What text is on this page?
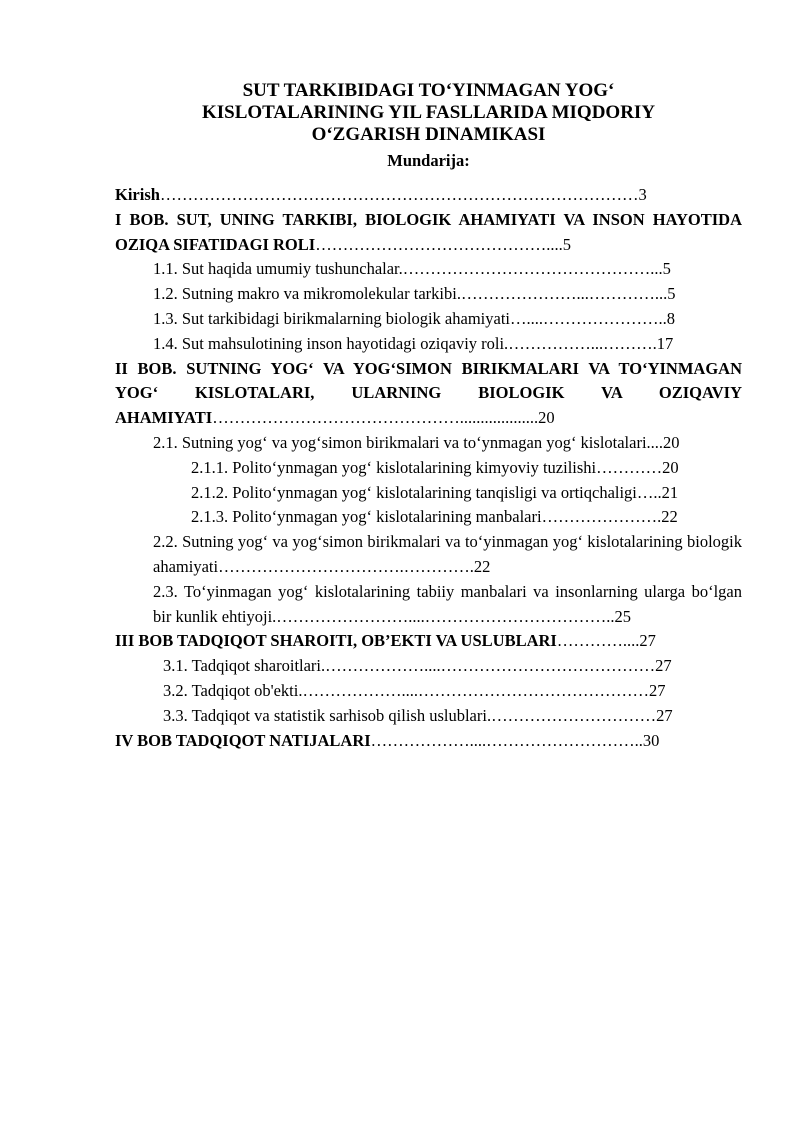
SUT TARKIBIDAGI TO‘YINMAGAN YOG‘
KISLOTALARINING YIL FASLLARIDA MIQDORIY
O‘ZGARISH DINAMIKASI
Mundarija:

Kirish……………………………………………………………………………3

I BOB. SUT, UNING TARKIBI, BIOLOGIK AHAMIYATI VA INSON HAYOTIDA OZIQA SIFATIDAGI ROLI……………………………………....5

1.1. Sut haqida umumiy tushunchalar.………………………………………...5

1.2. Sutning makro va mikromolekular tarkibi.…………………...…………...5

1.3. Sut tarkibidagi birikmalarning biologik ahamiyati…....…………………..8

1.4. Sut mahsulotining inson hayotidagi oziqaviy roli.……………...……….17

II BOB. SUTNING YOG‘ VA YOG‘SIMON BIRIKMALARI VA TO‘YINMAGAN YOG‘ KISLOTALARI, ULARNING BIOLOGIK VA OZIQAVIY AHAMIYATI………………………………………...................20

2.1. Sutning yog‘ va yog‘simon birikmalari va to‘ynmagan yog‘ kislotalari....20

2.1.1. Polito‘ynmagan yog‘ kislotalarining kimyoviy tuzilishi…………20

2.1.2. Polito‘ynmagan yog‘ kislotalarining tanqisligi va ortiqchaligi…..21

2.1.3. Polito‘ynmagan yog‘ kislotalarining manbalari………………….22

2.2. Sutning yog‘ va yog‘simon birikmalari va to‘yinmagan yog‘ kislotalarining biologik ahamiyati…………………………….………….22

2.3. To‘yinmagan yog‘ kislotalarining tabiiy manbalari va insonlarning ularga bo‘lgan bir kunlik ehtiyoji.……………………....……………………………..25

III BOB TADQIQOT SHAROITI, OB’EKTI VA USLUBLARI…………....27

3.1. Tadqiqot sharoitlari.………………....…………………………………27

3.2. Tadqiqot ob'ekti.………………....……………………………………27

3.3. Tadqiqot va statistik sarhisob qilish uslublari.…………………………27

IV BOB TADQIQOT NATIJALARI………………....………………………..30
